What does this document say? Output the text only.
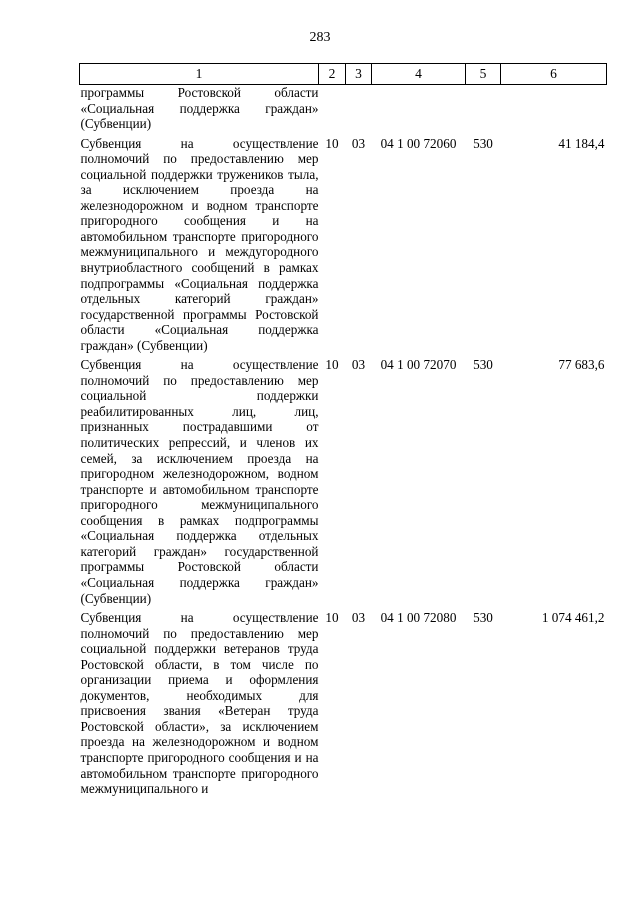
283
1	2	3	4	5	6
программы Ростовской области «Социальная поддержка граждан» (Субвенции)					
Субвенция на осуществление полномочий по предоставлению мер социальной поддержки тружеников тыла, за исключением проезда на железнодорожном и водном транспорте пригородного сообщения и на автомобильном транспорте пригородного межмуниципального и междугородного внутриобластного сообщений в рамках подпрограммы «Социальная поддержка отдельных категорий граждан» государственной программы Ростовской области «Социальная поддержка граждан» (Субвенции)	10	03	04 1 00 72060	530	41 184,4
Субвенция на осуществление полномочий по предоставлению мер социальной поддержки реабилитированных лиц, лиц, признанных пострадавшими от политических репрессий, и членов их семей, за исключением проезда на пригородном железнодорожном, водном транспорте и автомобильном транспорте пригородного межмуниципального сообщения в рамках подпрограммы «Социальная поддержка отдельных категорий граждан» государственной программы Ростовской области «Социальная поддержка граждан» (Субвенции)	10	03	04 1 00 72070	530	77 683,6
Субвенция на осуществление полномочий по предоставлению мер социальной поддержки ветеранов труда Ростовской области, в том числе по организации приема и оформления документов, необходимых для присвоения звания «Ветеран труда Ростовской области», за исключением проезда на железнодорожном и водном транспорте пригородного сообщения и на автомобильном транспорте пригородного межмуниципального и	10	03	04 1 00 72080	530	1 074 461,2
